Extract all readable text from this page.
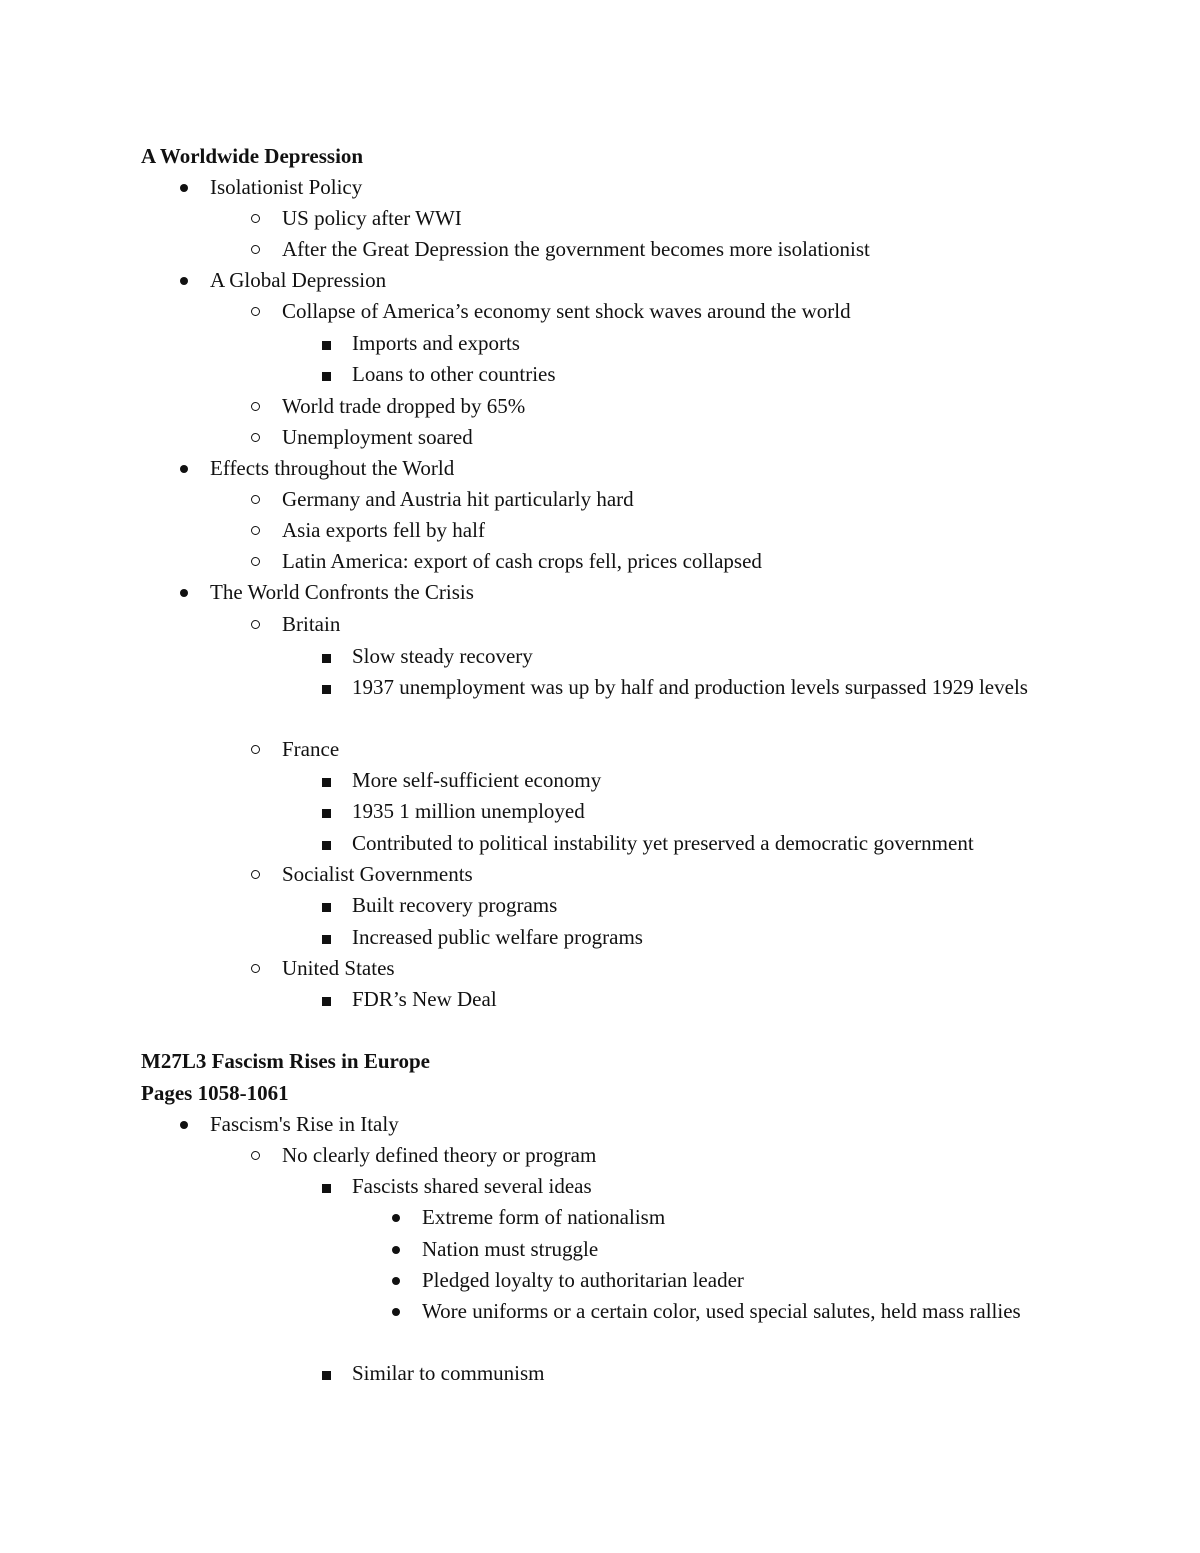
A Worldwide Depression
Isolationist Policy
US policy after WWI
After the Great Depression the government becomes more isolationist
A Global Depression
Collapse of America’s economy sent shock waves around the world
Imports and exports
Loans to other countries
World trade dropped by 65%
Unemployment soared
Effects throughout the World
Germany and Austria hit particularly hard
Asia exports fell by half
Latin America: export of cash crops fell, prices collapsed
The World Confronts the Crisis
Britain
Slow steady recovery
1937 unemployment was up by half and production levels surpassed 1929 levels
France
More self-sufficient economy
1935 1 million unemployed
Contributed to political instability yet preserved a democratic government
Socialist Governments
Built recovery programs
Increased public welfare programs
United States
FDR’s New Deal
M27L3 Fascism Rises in Europe
Pages 1058-1061
Fascism's Rise in Italy
No clearly defined theory or program
Fascists shared several ideas
Extreme form of nationalism
Nation must struggle
Pledged loyalty to authoritarian leader
Wore uniforms or a certain color, used special salutes, held mass rallies
Similar to communism
